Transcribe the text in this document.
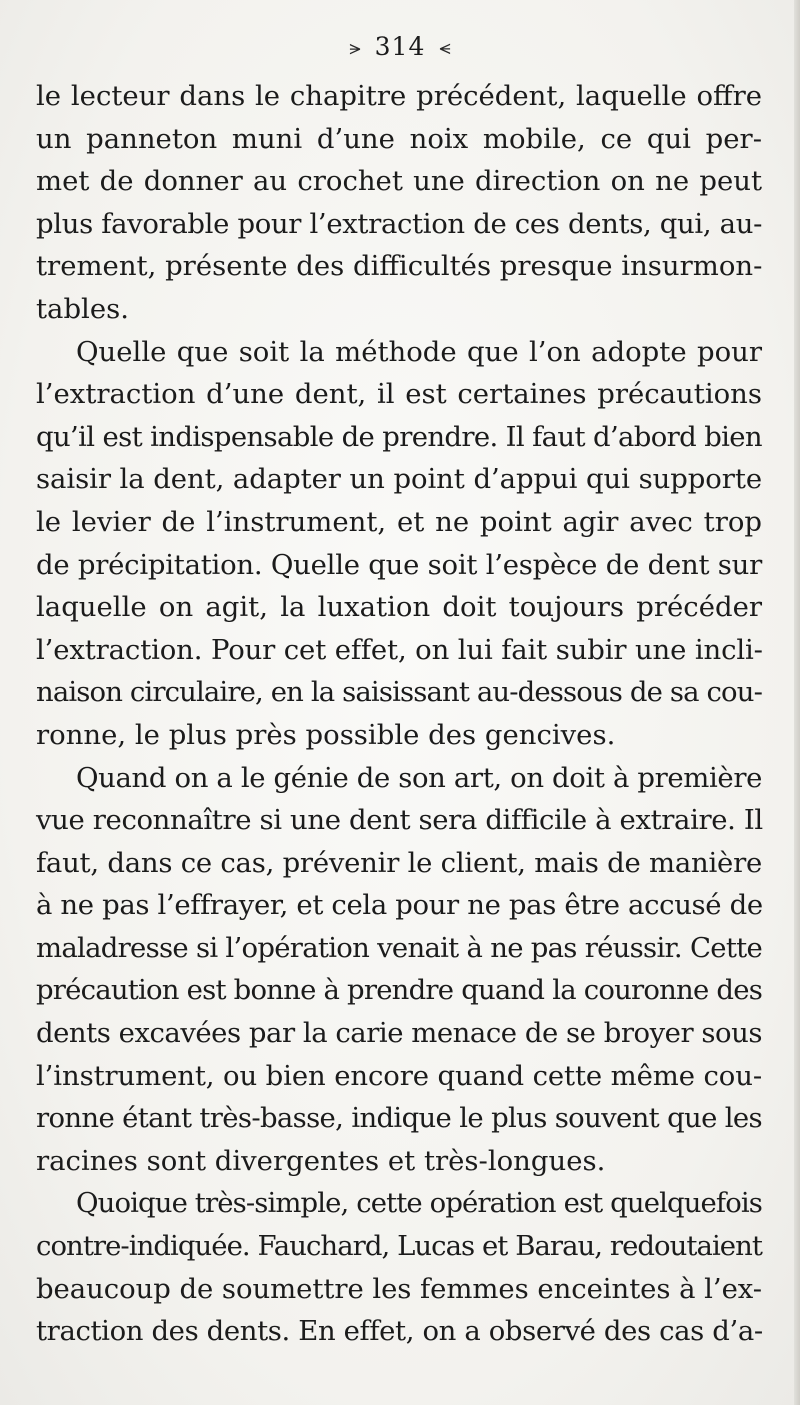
⪫ 314 ⪪
le lecteur dans le chapitre précédent, laquelle offre
un panneton muni d’une noix mobile, ce qui per-
met de donner au crochet une direction on ne peut
plus favorable pour l’extraction de ces dents, qui, au-
trement, présente des difficultés presque insurmon-
tables.
Quelle que soit la méthode que l’on adopte pour
l’extraction d’une dent, il est certaines précautions
qu’il est indispensable de prendre. Il faut d’abord bien
saisir la dent, adapter un point d’appui qui supporte
le levier de l’instrument, et ne point agir avec trop
de précipitation. Quelle que soit l’espèce de dent sur
laquelle on agit, la luxation doit toujours précéder
l’extraction. Pour cet effet, on lui fait subir une incli-
naison circulaire, en la saisissant au-dessous de sa cou-
ronne, le plus près possible des gencives.
Quand on a le génie de son art, on doit à première
vue reconnaître si une dent sera difficile à extraire. Il
faut, dans ce cas, prévenir le client, mais de manière
à ne pas l’effrayer, et cela pour ne pas être accusé de
maladresse si l’opération venait à ne pas réussir. Cette
précaution est bonne à prendre quand la couronne des
dents excavées par la carie menace de se broyer sous
l’instrument, ou bien encore quand cette même cou-
ronne étant très-basse, indique le plus souvent que les
racines sont divergentes et très-longues.
Quoique très-simple, cette opération est quelquefois
contre-indiquée. Fauchard, Lucas et Barau, redoutaient
beaucoup de soumettre les femmes enceintes à l’ex-
traction des dents. En effet, on a observé des cas d’a-
